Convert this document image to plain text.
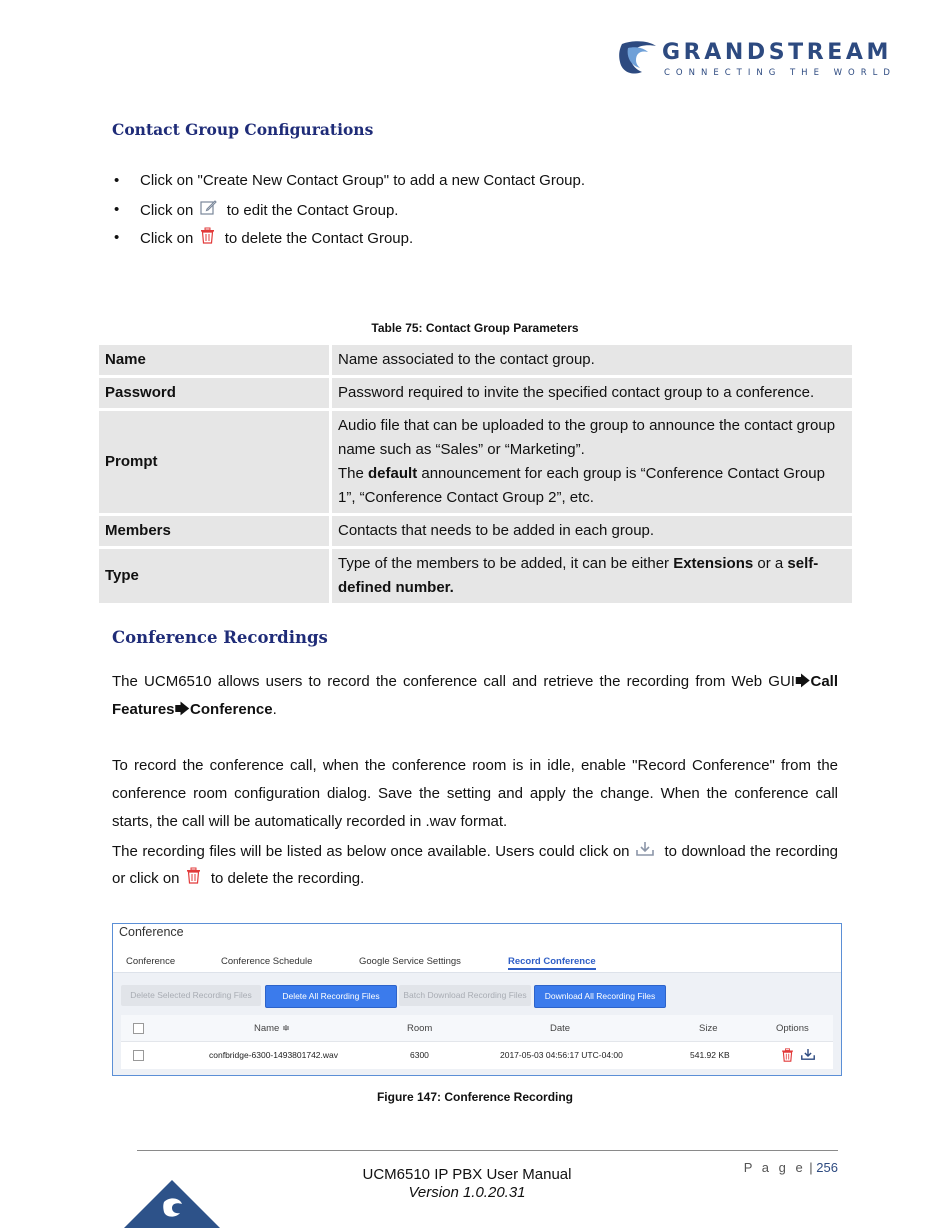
GRANDSTREAM
CONNECTING THE WORLD
Contact Group Configurations
• Click on "Create New Contact Group" to add a new Contact Group.
• Click on to edit the Contact Group.
• Click on to delete the Contact Group.
Table 75: Contact Group Parameters
Name	Name associated to the contact group.
Password	Password required to invite the specified contact group to a conference.
Prompt	Audio file that can be uploaded to the group to announce the contact group name such as “Sales” or “Marketing”.
The default announcement for each group is “Conference Contact Group 1”, “Conference Contact Group 2”, etc.

Members	Contacts that needs to be added in each group.
Type	Type of the members to be added, it can be either Extensions or a self-defined number.
Conference Recordings

The UCM6510 allows users to record the conference call and retrieve the recording from Web GUI🡆Call Features🡆Conference.

To record the conference call, when the conference room is in idle, enable "Record Conference" from the conference room configuration dialog. Save the setting and apply the change. When the conference call starts, the call will be automatically recorded in .wav format.

The recording files will be listed as below once available. Users could click on to download the recording or click on to delete the recording.

Conference
Conference	Conference Schedule	Google Service Settings	Record Conference
Delete Selected Recording Files	Delete All Recording Files	Batch Download Recording Files	Download All Recording Files
Name ≑	Room	Date	Size	Options
confbridge-6300-1493801742.wav	6300	2017-05-03 04:56:17 UTC-04:00	541.92 KB
Figure 147: Conference Recording
P a g e | 256
UCM6510 IP PBX User Manual
Version 1.0.20.31
